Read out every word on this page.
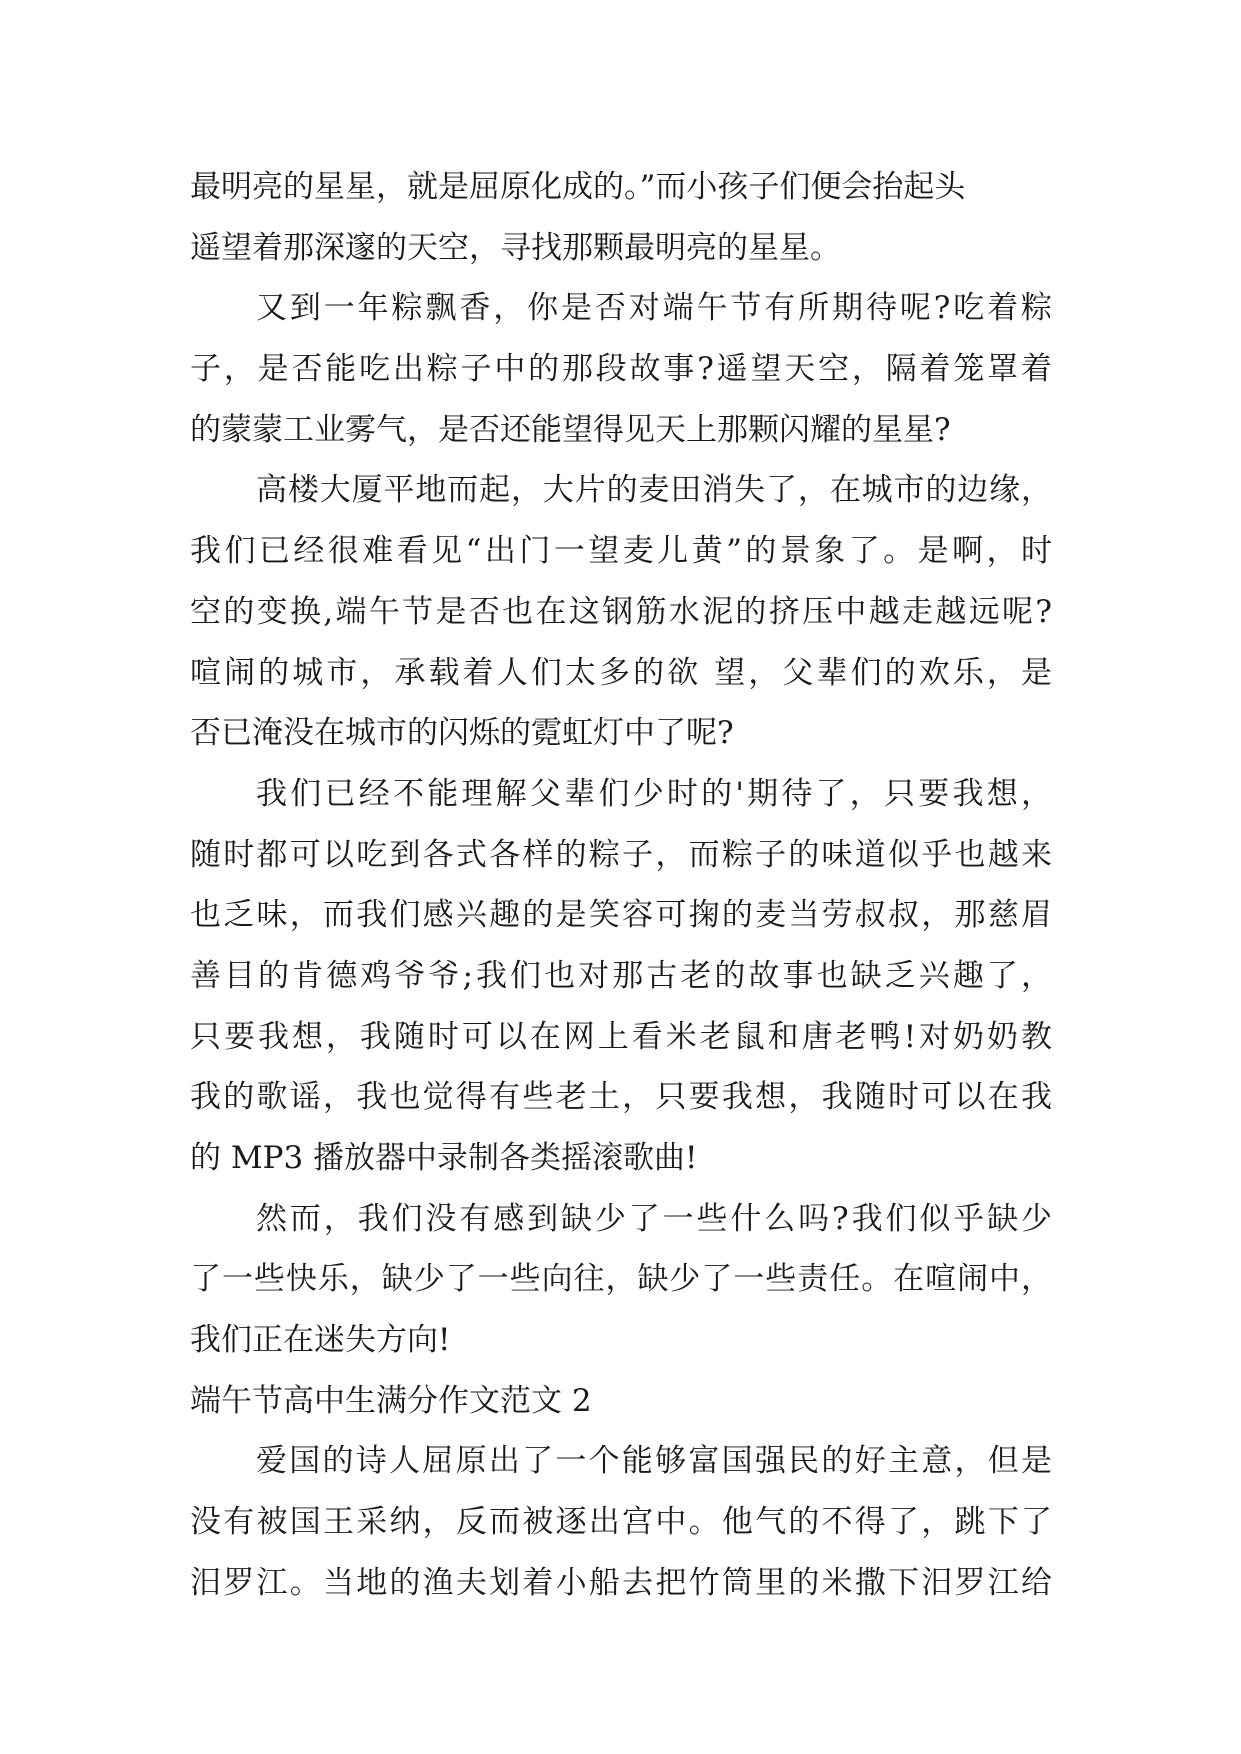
最明亮的星星，就是屈原化成的。”而小孩子们便会抬起头
遥望着那深邃的天空，寻找那颗最明亮的星星。
又到一年粽飘香，你是否对端午节有所期待呢?吃着粽
子，是否能吃出粽子中的那段故事?遥望天空，隔着笼罩着
的蒙蒙工业雾气，是否还能望得见天上那颗闪耀的星星?
高楼大厦平地而起，大片的麦田消失了，在城市的边缘，
我们已经很难看见“出门一望麦儿黄”的景象了。是啊，时
空的变换,端午节是否也在这钢筋水泥的挤压中越走越远呢?
喧闹的城市，承载着人们太多的欲 望，父辈们的欢乐，是
否已淹没在城市的闪烁的霓虹灯中了呢?
我们已经不能理解父辈们少时的'期待了，只要我想，
随时都可以吃到各式各样的粽子，而粽子的味道似乎也越来
也乏味，而我们感兴趣的是笑容可掬的麦当劳叔叔，那慈眉
善目的肯德鸡爷爷;我们也对那古老的故事也缺乏兴趣了，
只要我想，我随时可以在网上看米老鼠和唐老鸭!对奶奶教
我的歌谣，我也觉得有些老土，只要我想，我随时可以在我
的 MP3 播放器中录制各类摇滚歌曲!
然而，我们没有感到缺少了一些什么吗?我们似乎缺少
了一些快乐，缺少了一些向往，缺少了一些责任。在喧闹中，
我们正在迷失方向!
端午节高中生满分作文范文 2
爱国的诗人屈原出了一个能够富国强民的好主意，但是
没有被国王采纳，反而被逐出宫中。他气的不得了，跳下了
汨罗江。当地的渔夫划着小船去把竹筒里的米撒下汨罗江给
